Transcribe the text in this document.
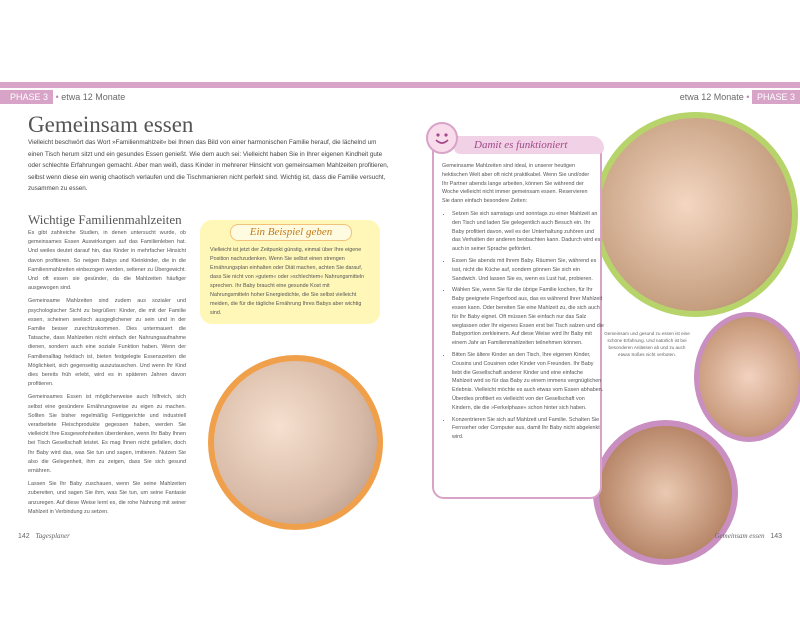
PHASE 3 • etwa 12 Monate	etwa 12 Monate • PHASE 3
Gemeinsam essen
Vielleicht beschwört das Wort »Familienmahlzeit« bei Ihnen das Bild von einer harmonischen Familie herauf, die lächelnd um einen Tisch herum sitzt und ein gesundes Essen genießt. Wie dem auch sei: Vielleicht haben Sie in Ihrer eigenen Kindheit gute oder schlechte Erfahrungen gemacht. Aber man weiß, dass Kinder in mehrerer Hinsicht von gemeinsamen Mahlzeiten profitieren, selbst wenn diese ein wenig chaotisch verlaufen und die Tischmanieren nicht perfekt sind. Wichtig ist, dass die Familie versucht, zusammen zu essen.
Wichtige Familienmahlzeiten

Es gibt zahlreiche Studien, in denen untersucht wurde, ob gemeinsames Essen Auswirkungen auf das Familienleben hat. Und weiles deutet darauf hin, das Kinder in mehrfacher Hinsicht davon profitieren. So neigen Babys und Kleinkinder, die in die Familienmahlzeiten einbezogen werden, seltener zu Übergewicht. Und oft essen sie gesünder, da die Mahlzeiten häufiger ausgewogen sind.

Gemeinsame Mahlzeiten sind zudem aus sozialer und psychologischer Sicht zu begrüßen: Kinder, die mit der Familie essen, scheinen seelisch ausgeglichener zu sein und in der Familie besser zurechtzukommen. Dies untermauert die Tatsache, dass Mahlzeiten nicht einfach der Nahrungsaufnahme dienen, sondern auch eine soziale Funktion haben. Wenn der Familienalltag hektisch ist, bieten festgelegte Essenszeiten die Möglichkeit, sich gegenseitig auszutauschen. Und wenn Ihr Kind dies bereits früh erlebt, wird es in späteren Jahren davon profitieren.

Gemeinsames Essen ist möglicherweise auch hilfreich, sich selbst eine gesündere Ernährungsweise zu eigen zu machen. Sollten Sie bisher regelmäßig Fertiggerichte und industriell verarbeitete Fleischprodukte gegessen haben, werden Sie vielleicht Ihre Essgewohnheiten überdenken, wenn Ihr Baby Ihnen bei Tisch Gesellschaft leistet. Es mag Ihnen nicht gefallen, doch Ihr Baby wird das, was Sie tun und sagen, imitieren. Nutzen Sie also die Gelegenheit, ihm zu zeigen, dass Sie sich gesund ernähren.

Lassen Sie Ihr Baby zuschauen, wenn Sie seine Mahlzeiten zubereiten, und sagen Sie ihm, was Sie tun, um seine Fantasie anzuregen. Auf diese Weise lernt es, die rohe Nahrung mit seiner Mahlzeit in Verbindung zu setzen.

Ein Beispiel geben
Vielleicht ist jetzt der Zeitpunkt günstig, einmal über Ihre eigene Position nachzudenken. Wenn Sie selbst einen strengen Ernährungsplan einhalten oder Diät machen, achten Sie darauf, dass Sie nicht von »gutem« oder »schlechtem« Nahrungsmitteln sprechen. Ihr Baby braucht eine gesunde Kost mit Nahrungsmitteln hoher Energiedichte, die Sie selbst vielleicht meiden, die für die tägliche Ernährung Ihres Babys aber wichtig sind.
Damit es funktioniert
Gemeinsame Mahlzeiten sind ideal, in unserer heutigen hektischen Welt aber oft nicht praktikabel. Wenn Sie und/oder Ihr Partner abends lange arbeiten, können Sie während der Woche vielleicht nicht immer gemeinsam essen. Reservieren Sie dann einfach besondere Zeiten:
• Setzen Sie sich samstags und sonntags zu einer Mahlzeit an den Tisch und laden Sie gelegentlich auch Besuch ein. Ihr Baby profitiert davon, weil es der Unterhaltung zuhören und das Verhalten der anderen beobachten kann. Dadurch wird es auch in seiner Sprache gefördert.
• Essen Sie abends mit Ihrem Baby. Räumen Sie, während es isst, nicht die Küche auf, sondern gönnen Sie sich ein Sandwich. Und lassen Sie es, wenn es Lust hat, probieren.
• Wählen Sie, wenn Sie für die übrige Familie kochen, für Ihr Baby geeignete Fingerfood aus, das es während Ihrer Mahlzeit essen kann. Oder bereiten Sie eine Mahlzeit zu, die sich auch für Ihr Baby eignet. Oft müssen Sie einfach nur das Salz weglassen oder Ihr eigenes Essen erst bei Tisch salzen und die Babyportion zerkleinern. Auf diese Weise wird Ihr Baby mit einem Jahr an Familienmahlzeiten teilnehmen können.
• Bitten Sie ältere Kinder an den Tisch, Ihre eigenen Kinder, Cousins und Cousinen oder Kinder von Freunden. Ihr Baby liebt die Gesellschaft anderer Kinder und eine einfache Mahlzeit wird so für das Baby zu einem immens vergnüglichen Erlebnis. Vielleicht möchte es auch etwas vom Essen abhaben. Überdies profitiert es vielleicht von der Gesellschaft von Kindern, die die »Ferkelphase« schon hinter sich haben.
• Konzentrieren Sie sich auf Mahlzeit und Familie. Schalten Sie Fernseher oder Computer aus, damit Ihr Baby nicht abgelenkt wird.
Gemeinsam und gesund zu essen ist eine schöne Erfahrung. Und natürlich ist bei besonderen Anlässen ab und zu auch etwas Süßes nicht verboten.
142 Tagesplaner	Gemeinsam essen 143
